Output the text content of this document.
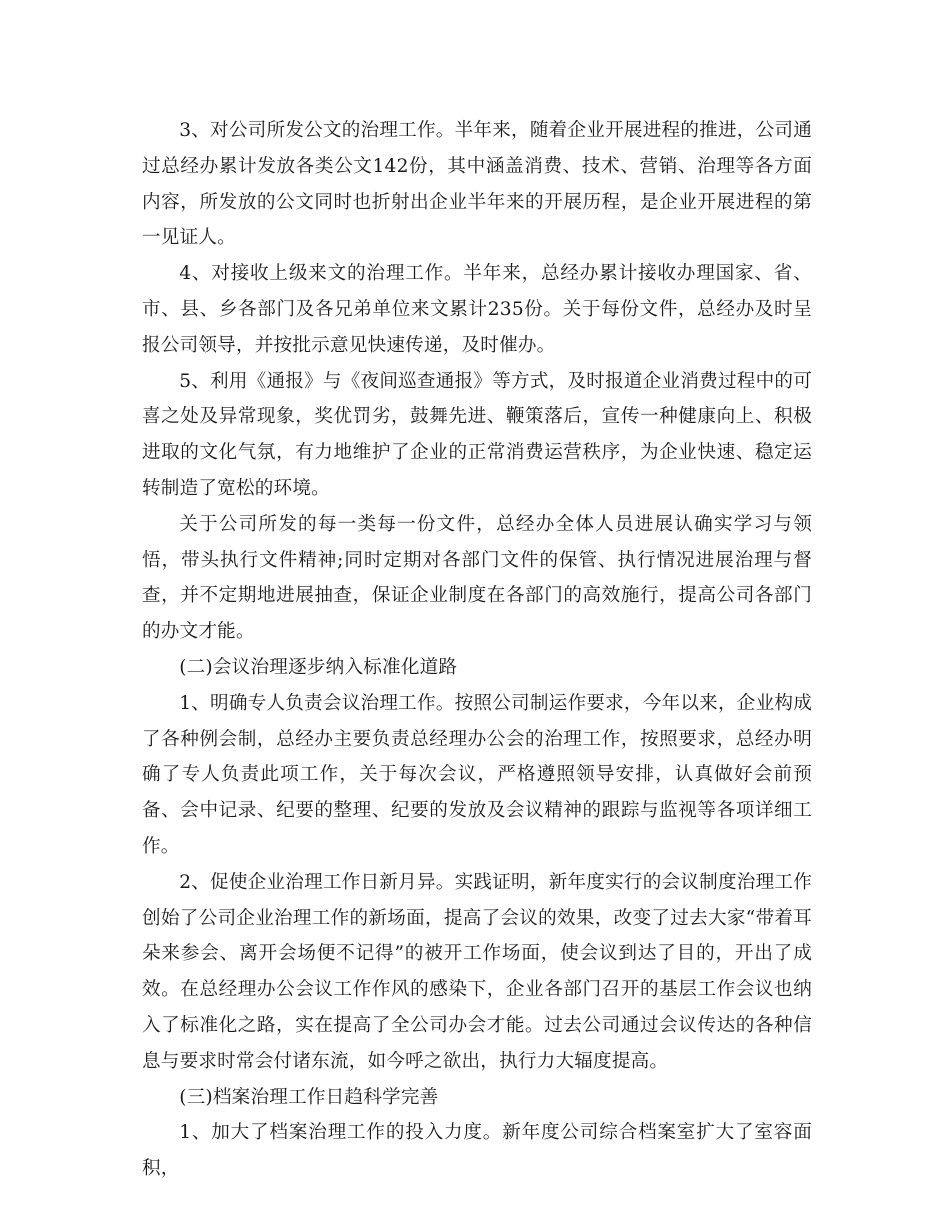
3、对公司所发公文的治理工作。半年来，随着企业开展进程的推进，公司通过总经办累计发放各类公文142份，其中涵盖消费、技术、营销、治理等各方面内容，所发放的公文同时也折射出企业半年来的开展历程，是企业开展进程的第一见证人。

4、对接收上级来文的治理工作。半年来，总经办累计接收办理国家、省、市、县、乡各部门及各兄弟单位来文累计235份。关于每份文件，总经办及时呈报公司领导，并按批示意见快速传递，及时催办。

5、利用《通报》与《夜间巡查通报》等方式，及时报道企业消费过程中的可喜之处及异常现象，奖优罚劣，鼓舞先进、鞭策落后，宣传一种健康向上、积极进取的文化气氛，有力地维护了企业的正常消费运营秩序，为企业快速、稳定运转制造了宽松的环境。

关于公司所发的每一类每一份文件，总经办全体人员进展认确实学习与领悟，带头执行文件精神;同时定期对各部门文件的保管、执行情况进展治理与督查，并不定期地进展抽查，保证企业制度在各部门的高效施行，提高公司各部门的办文才能。

(二)会议治理逐步纳入标准化道路

1、明确专人负责会议治理工作。按照公司制运作要求，今年以来，企业构成了各种例会制，总经办主要负责总经理办公会的治理工作，按照要求，总经办明确了专人负责此项工作，关于每次会议，严格遵照领导安排，认真做好会前预备、会中记录、纪要的整理、纪要的发放及会议精神的跟踪与监视等各项详细工作。

2、促使企业治理工作日新月异。实践证明，新年度实行的会议制度治理工作创始了公司企业治理工作的新场面，提高了会议的效果，改变了过去大家“带着耳朵来参会、离开会场便不记得”的被开工作场面，使会议到达了目的，开出了成效。在总经理办公会议工作作风的感染下，企业各部门召开的基层工作会议也纳入了标准化之路，实在提高了全公司办会才能。过去公司通过会议传达的各种信息与要求时常会付诸东流，如今呼之欲出，执行力大辐度提高。

(三)档案治理工作日趋科学完善

1、加大了档案治理工作的投入力度。新年度公司综合档案室扩大了室容面积，
